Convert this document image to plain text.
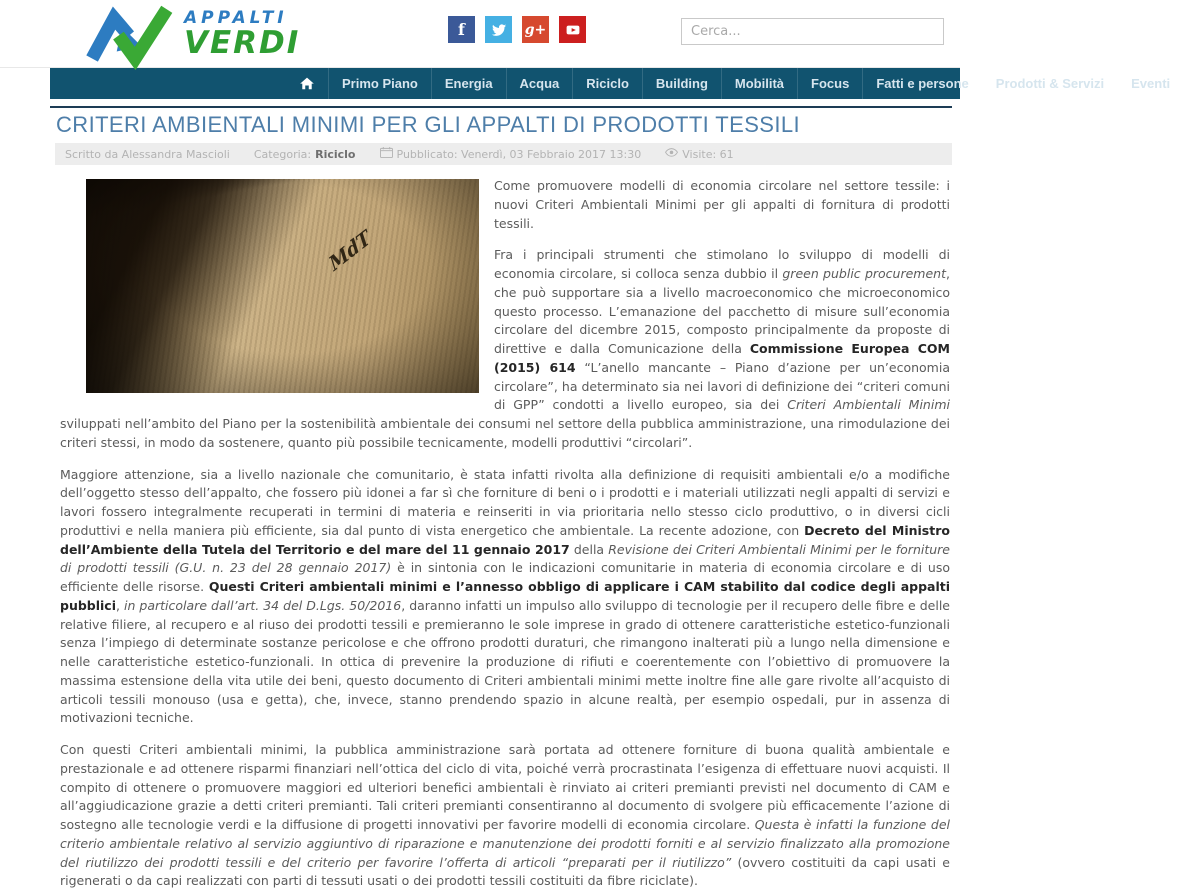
APPALTI
VERDI	f	g+
Cerca...
Primo Piano	Energia	Acqua	Riciclo	Building	Mobilità	Focus	Fatti e persone	Prodotti & Servizi	Eventi
CRITERI AMBIENTALI MINIMI PER GLI APPALTI DI PRODOTTI TESSILI
Scritto da Alessandra Mascioli Categoria: Riciclo	Pubblicato: Venerdì, 03 Febbraio 2017 13:30	Visite: 61
MdT

Come promuovere modelli di economia circolare nel settore tessile: i nuovi Criteri Ambientali Minimi per gli appalti di fornitura di prodotti tessili.

Fra i principali strumenti che stimolano lo sviluppo di modelli di economia circolare, si colloca senza dubbio il green public procurement, che può supportare sia a livello macroeconomico che microeconomico questo processo. L’emanazione del pacchetto di misure sull’economia circolare del dicembre 2015, composto principalmente da proposte di direttive e dalla Comunicazione della Commissione Europea COM (2015) 614 “L’anello mancante – Piano d’azione per un’economia circolare”, ha determinato sia nei lavori di definizione dei “criteri comuni di GPP” condotti a livello europeo, sia dei Criteri Ambientali Minimi sviluppati nell’ambito del Piano per la sostenibilità ambientale dei consumi nel settore della pubblica amministrazione, una rimodulazione dei criteri stessi, in modo da sostenere, quanto più possibile tecnicamente, modelli produttivi “circolari”.

Maggiore attenzione, sia a livello nazionale che comunitario, è stata infatti rivolta alla definizione di requisiti ambientali e/o a modifiche dell’oggetto stesso dell’appalto, che fossero più idonei a far sì che forniture di beni o i prodotti e i materiali utilizzati negli appalti di servizi e lavori fossero integralmente recuperati in termini di materia e reinseriti in via prioritaria nello stesso ciclo produttivo, o in diversi cicli produttivi e nella maniera più efficiente, sia dal punto di vista energetico che ambientale. La recente adozione, con Decreto del Ministro dell’Ambiente della Tutela del Territorio e del mare del 11 gennaio 2017 della Revisione dei Criteri Ambientali Minimi per le forniture di prodotti tessili (G.U. n. 23 del 28 gennaio 2017) è in sintonia con le indicazioni comunitarie in materia di economia circolare e di uso efficiente delle risorse. Questi Criteri ambientali minimi e l’annesso obbligo di applicare i CAM stabilito dal codice degli appalti pubblici, in particolare dall’art. 34 del D.Lgs. 50/2016, daranno infatti un impulso allo sviluppo di tecnologie per il recupero delle fibre e delle relative filiere, al recupero e al riuso dei prodotti tessili e premieranno le sole imprese in grado di ottenere caratteristiche estetico-funzionali senza l’impiego di determinate sostanze pericolose e che offrono prodotti duraturi, che rimangono inalterati più a lungo nella dimensione e nelle caratteristiche estetico-funzionali. In ottica di prevenire la produzione di rifiuti e coerentemente con l’obiettivo di promuovere la massima estensione della vita utile dei beni, questo documento di Criteri ambientali minimi mette inoltre fine alle gare rivolte all’acquisto di articoli tessili monouso (usa e getta), che, invece, stanno prendendo spazio in alcune realtà, per esempio ospedali, pur in assenza di motivazioni tecniche.

Con questi Criteri ambientali minimi, la pubblica amministrazione sarà portata ad ottenere forniture di buona qualità ambientale e prestazionale e ad ottenere risparmi finanziari nell’ottica del ciclo di vita, poiché verrà procrastinata l’esigenza di effettuare nuovi acquisti. Il compito di ottenere o promuovere maggiori ed ulteriori benefici ambientali è rinviato ai criteri premianti previsti nel documento di CAM e all’aggiudicazione grazie a detti criteri premianti. Tali criteri premianti consentiranno al documento di svolgere più efficacemente l’azione di sostegno alle tecnologie verdi e la diffusione di progetti innovativi per favorire modelli di economia circolare. Questa è infatti la funzione del criterio ambientale relativo al servizio aggiuntivo di riparazione e manutenzione dei prodotti forniti e al servizio finalizzato alla promozione del riutilizzo dei prodotti tessili e del criterio per favorire l’offerta di articoli “preparati per il riutilizzo” (ovvero costituiti da capi usati e rigenerati o da capi realizzati con parti di tessuti usati o dei prodotti tessili costituiti da fibre riciclate).
